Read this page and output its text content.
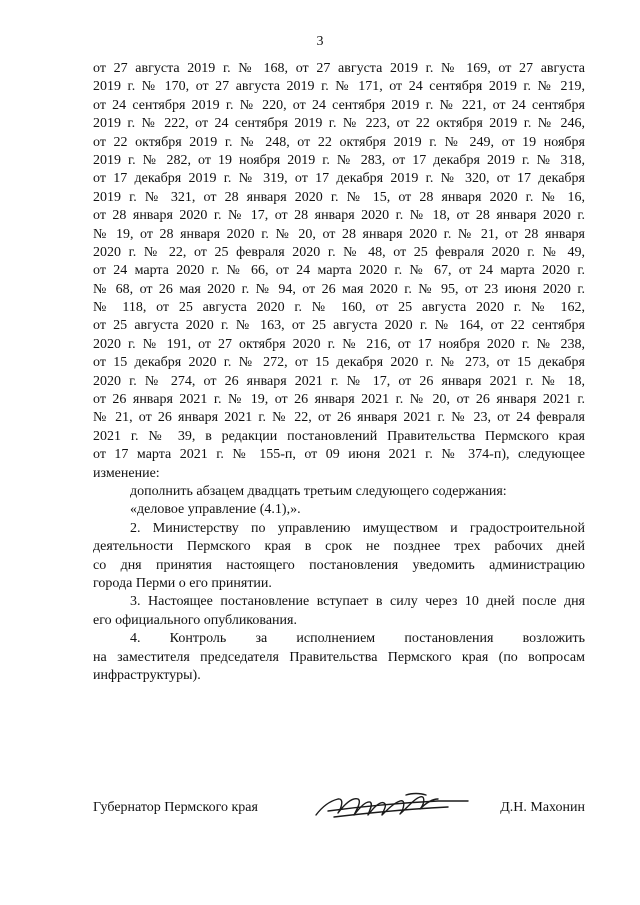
3
от 27 августа 2019 г. № 168, от 27 августа 2019 г. № 169, от 27 августа
2019 г. № 170, от 27 августа 2019 г. № 171, от 24 сентября 2019 г. № 219,
от 24 сентября 2019 г. № 220, от 24 сентября 2019 г. № 221, от 24 сентября
2019 г. № 222, от 24 сентября 2019 г. № 223, от 22 октября 2019 г. № 246,
от 22 октября 2019 г. № 248, от 22 октября 2019 г. № 249, от 19 ноября
2019 г. № 282, от 19 ноября 2019 г. № 283, от 17 декабря 2019 г. № 318,
от 17 декабря 2019 г. № 319, от 17 декабря 2019 г. № 320, от 17 декабря
2019 г. № 321, от 28 января 2020 г. № 15, от 28 января 2020 г. № 16,
от 28 января 2020 г. № 17, от 28 января 2020 г. № 18, от 28 января 2020 г.
№ 19, от 28 января 2020 г. № 20, от 28 января 2020 г. № 21, от 28 января
2020 г. № 22, от 25 февраля 2020 г. № 48, от 25 февраля 2020 г. № 49,
от 24 марта 2020 г. № 66, от 24 марта 2020 г. № 67, от 24 марта 2020 г.
№ 68, от 26 мая 2020 г. № 94, от 26 мая 2020 г. № 95, от 23 июня 2020 г.
№ 118, от 25 августа 2020 г. № 160, от 25 августа 2020 г. № 162,
от 25 августа 2020 г. № 163, от 25 августа 2020 г. № 164, от 22 сентября
2020 г. № 191, от 27 октября 2020 г. № 216, от 17 ноября 2020 г. № 238,
от 15 декабря 2020 г. № 272, от 15 декабря 2020 г. № 273, от 15 декабря
2020 г. № 274, от 26 января 2021 г. № 17, от 26 января 2021 г. № 18,
от 26 января 2021 г. № 19, от 26 января 2021 г. № 20, от 26 января 2021 г.
№ 21, от 26 января 2021 г. № 22, от 26 января 2021 г. № 23, от 24 февраля
2021 г. № 39, в редакции постановлений Правительства Пермского края
от 17 марта 2021 г. № 155-п, от 09 июня 2021 г. № 374-п), следующее
изменение:
дополнить абзацем двадцать третьим следующего содержания:
«деловое управление (4.1),».
2. Министерству по управлению имуществом и градостроительной
деятельности Пермского края в срок не позднее трех рабочих дней
со дня принятия настоящего постановления уведомить администрацию
города Перми о его принятии.
3. Настоящее постановление вступает в силу через 10 дней после дня
его официального опубликования.
4. Контроль за исполнением постановления возложить
на заместителя председателя Правительства Пермского края (по вопросам
инфраструктуры).
Губернатор Пермского края	Д.Н. Махонин
